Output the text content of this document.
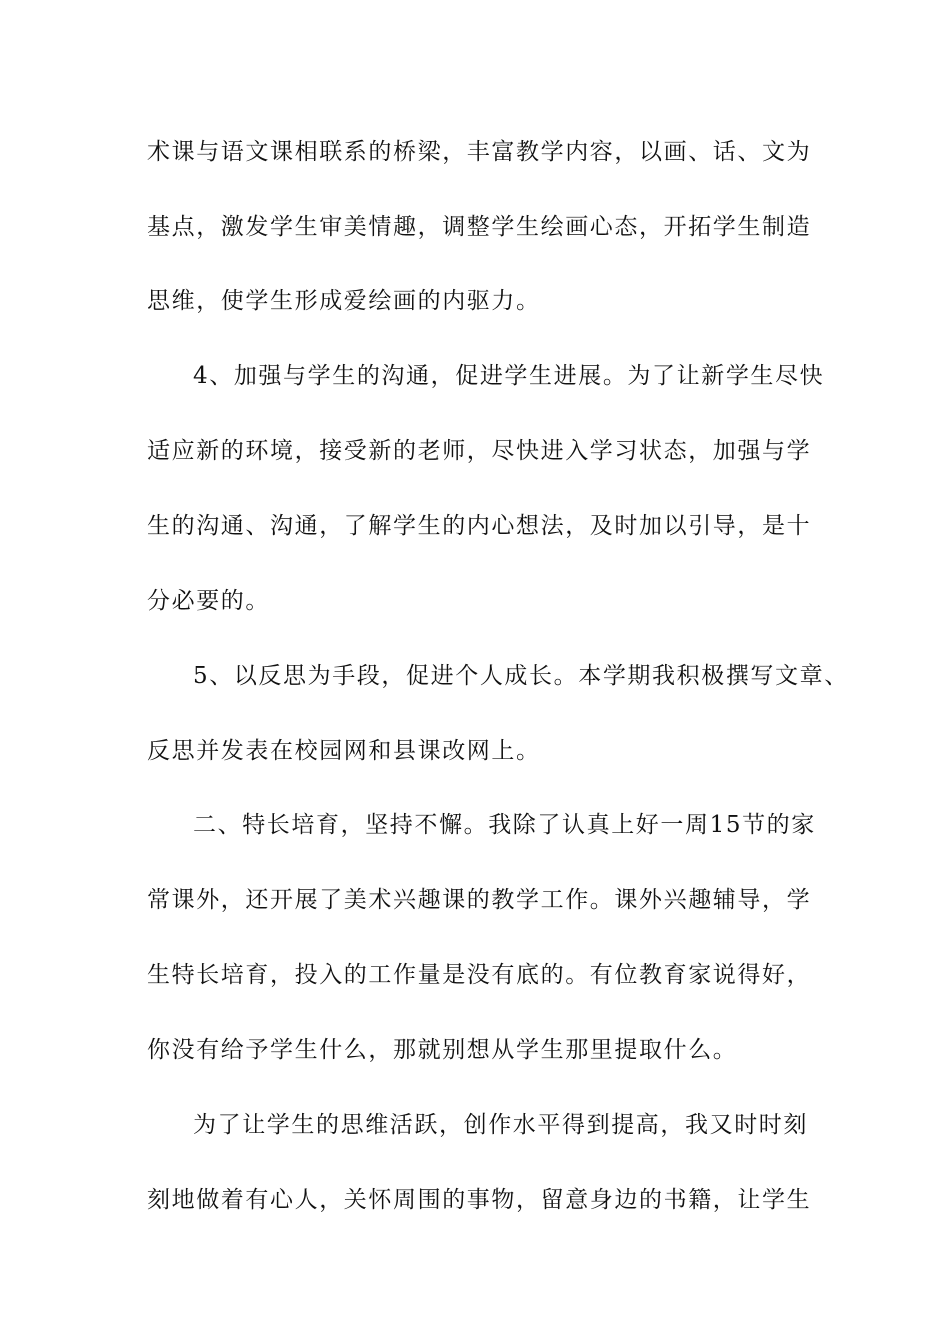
术课与语文课相联系的桥梁，丰富教学内容，以画、话、文为
基点，激发学生审美情趣，调整学生绘画心态，开拓学生制造
思维，使学生形成爱绘画的内驱力。
4、加强与学生的沟通，促进学生进展。为了让新学生尽快
适应新的环境，接受新的老师，尽快进入学习状态，加强与学
生的沟通、沟通，了解学生的内心想法，及时加以引导，是十
分必要的。
5、以反思为手段，促进个人成长。本学期我积极撰写文章、
反思并发表在校园网和县课改网上。
二、特长培育，坚持不懈。我除了认真上好一周15节的家
常课外，还开展了美术兴趣课的教学工作。课外兴趣辅导，学
生特长培育，投入的工作量是没有底的。有位教育家说得好，
你没有给予学生什么，那就别想从学生那里提取什么。
为了让学生的思维活跃，创作水平得到提高，我又时时刻
刻地做着有心人，关怀周围的事物，留意身边的书籍，让学生
